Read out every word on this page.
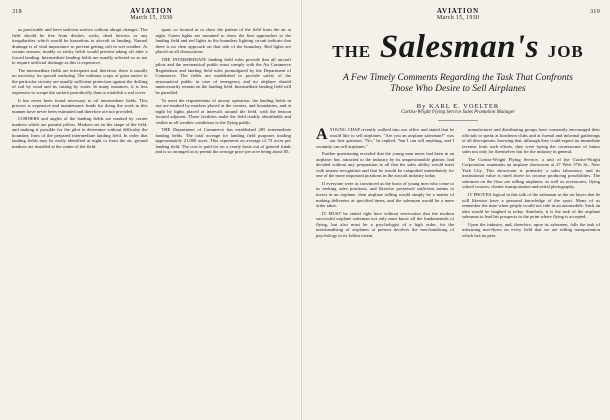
318	AVIATION
March 15, 1930

as practicable and have uniform surface without abrupt changes. The field should be free from ditches, rocks, dead furrows or any irregularities which would be hazardous to aircraft in landing. Natural drainage is of vital importance to prevent getting soft in wet weather. At certain seasons, muddy or sticky fields would prevent taking off after a forced landing. Intermediate landing fields are usually selected so as not to require artificial drainage as this is expensive.

The intermediate fields are infrequent and, therefore, there is usually no necessity for special surfacing. The ordinary crops of grass native to the particular vicinity are usually sufficient protection against the drifting of soil by wind and its cutting by water. In many instances, it is less expensive to scrape the surface periodically than to establish a sod cover.

It has never been found necessary to oil intermediate fields. This process is expensive and maintenance funds for doing the work in this manner have never been estimated and therefore are not provided.

CORNERS and angles of the landing fields are marked by corner markers which are painted yellow. Markers set on the shape of the field, and making it possible for the pilot to determine without difficulty the boundary lines of the prepared intermediate landing field. In order that landing fields may be easily identified at night or from the air, ground markers are installed at the center of the field.

apart, so located as to show the pattern of the field from the air at night. Green lights are mounted to show the best approaches to the landing field and red lights in the boundary lighting circuit indicate that there is no clear approach on that side of the boundary. Red lights are placed on all obstructions.

THE INTERMEDIATE landing field rules provide that all aircraft pilots and the aeronautical public must comply with the Air Commerce Regulations and landing field rules promulgated by the Department of Commerce. The fields are established to provide safety of the aeronautical public in case of emergency and no airplane should unnecessarily remain on the landing field. Intermediate landing field will be patrolled.

To meet the requirements of airway operation, the landing fields in use are marked by markers placed at the corners, and boundaries, and at night by lights placed at intervals around the field, with the beacon located adjacent. These facilities make the field readily identifiable and visible in all weather conditions to the flying public.

THE Department of Commerce has established 285 intermediate landing fields. The total acreage for landing field purposes totaling approximately 21,000 acres. This represents an average of 73 acres per landing field. The cost is paid for on a yearly basis out of general funds and is so arranged as to permit the average price per acre being about $5.

AVIATION
March 15, 1930
319
THE Salesman's JOB
A Few Timely Comments Regarding the Task That Confronts Those Who Desire to Sell Airplanes
By KARL E. VOELTER
Curtiss-Wright Flying Service Sales Promotion Manager
A YOUNG CHAP recently walked into our office and stated that he would like to sell airplanes. "Are you an airplane salesman?" was our first question. "No," he replied, "but I can sell anything, and I certainly can sell airplanes."

Further questioning revealed that the young man never had been in an airplane; but, attracted to the industry by its unquestionable glamor, had decided without any preparation at all that his sales ability would meet with instant recognition and that he would be catapulted immediately for one of the more important positions in the aircraft industry today.

If everyone were as convinced as the hosts of young men who come to us seeking sales positions, and likewise possessed sufficient means to invest in an airplane, then airplane selling would simply be a matter of making deliveries at specified times, and the salesman would be a mere order taker.

IT MUST be stated right here without reservation that the modern successful airplane salesman not only must know all the fundamentals of flying, but also must be a psychologist of a high order, for the merchandising of airplanes at present involves the merchandising of psychology to its fullest extent.

manufacturer and distributing groups have constantly encouraged their officials to speak at luncheon clubs and at formal and informal gatherings of all descriptions, knowing that, although they could expect no immediate revenue from such efforts, they were laying the cornerstones of future sales not only for themselves but for the industry in general.

The Curtiss-Wright Flying Service, a unit of the Curtiss-Wright Corporation, maintains an airplane showroom at 27 West 57th St., New York City. This showroom is primarily a sales laboratory, and its institutional value is rated above its income producing possibilities. The salesmen on the floor are selling airplanes, as well as accessories, flying school courses, charter transportation and aerial photography.

IT PROVES logical in this talk of the salesman to the air buyer that he will likewise have a personal knowledge of the sport. Many of us remember the time when people would not ride in an automobile. Such an idea would be laughed at today. Similarly, it is the task of the airplane salesman to lead his prospects to the point where flying is accepted.

Upon the industry, and, therefore, upon its salesmen, falls the task of informing non-flyers on every field that we are selling transportation which has no peer.
